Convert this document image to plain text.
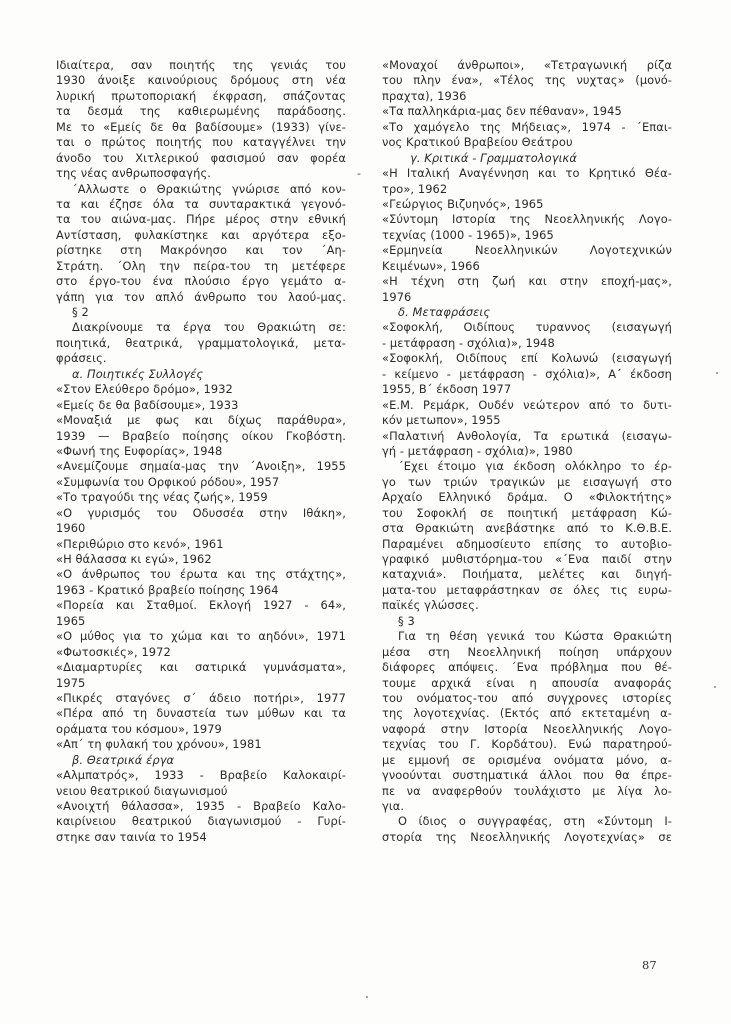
Ιδιαίτερα, σαν ποιητής της γενιάς του
1930 άνοιξε καινούριους δρόμους στη νέα
λυρική πρωτοποριακή έκφραση, σπάζοντας
τα δεσμά της καθιερωμένης παράδοσης.
Με το «Εμείς δε θα βαδίσουμε» (1933) γίνε-
ται ο πρώτος ποιητής που καταγγέλνει την
άνοδο του Χιτλερικού φασισμού σαν φορέα
της νέας ανθρωποσφαγής.
΄Αλλωστε ο Θρακιώτης γνώρισε από κον-
τα και έζησε όλα τα συνταρακτικά γεγονό-
τα του αιώνα-μας. Πήρε μέρος στην εθνική
Αντίσταση, φυλακίστηκε και αργότερα εξο-
ρίστηκε στη Μακρόνησο και τον ΄Αη-
Στράτη. ΄Ολη την πείρα-του τη μετέφερε
στο έργο-του ένα πλούσιο έργο γεμάτο α-
γάπη για τον απλό άνθρωπο του λαού-μας.
§ 2
Διακρίνουμε τα έργα του Θρακιώτη σε:
ποιητικά, θεατρικά, γραμματολογικά, μετα-
φράσεις.
α. Ποιητικές Συλλογές
«Στον Ελεύθερο δρόμο», 1932
«Εμείς δε θα βαδίσουμε», 1933
«Μοναξιά με φως και δίχως παράθυρα»,
1939 — Βραβείο ποίησης οίκου Γκοβόστη.
«Φωνή της Ευφορίας», 1948
«Ανεμίζουμε σημαία-μας την ΄Ανοιξη», 1955
«Συμφωνία του Ορφικού ρόδου», 1957
«Το τραγούδι της νέας ζωής», 1959
«Ο γυρισμός του Οδυσσέα στην Ιθάκη»,
1960
«Περιθώριο στο κενό», 1961
«Η θάλασσα κι εγώ», 1962
«Ο άνθρωπος του έρωτα και της στάχτης»,
1963 - Κρατικό βραβείο ποίησης 1964
«Πορεία και Σταθμοί. Εκλογή 1927 - 64»,
1965
«Ο μύθος για το χώμα και το αηδόνι», 1971
«Φωτοσκιές», 1972
«Διαμαρτυρίες και σατιρικά γυμνάσματα»,
1975
«Πικρές σταγόνες σ΄ άδειο ποτήρι», 1977
«Πέρα από τη δυναστεία των μύθων και τα
οράματα του κόσμου», 1979
«Απ΄ τη φυλακή του χρόνου», 1981
β. Θεατρικά έργα
«Αλμπατρός», 1933 - Βραβείο Καλοκαιρί-
νειου θεατρικού διαγωνισμού
«Ανοιχτή θάλασσα», 1935 - Βραβείο Καλο-
καιρίνειου θεατρικού διαγωνισμού - Γυρί-
στηκε σαν ταινία το 1954
«Μοναχοί άνθρωποι», «Τετραγωνική ρίζα
του πλην ένα», «Τέλος της νυχτας» (μονό-
πραχτα), 1936
«Τα παλληκάρια-μας δεν πέθαναν», 1945
«Το χαμόγελο της Μήδειας», 1974 - ΄Επαι-
νος Κρατικού Βραβείου Θεάτρου
γ. Κριτικά - Γραμματολογικά
«Η Ιταλική Αναγέννηση και το Κρητικό Θέα-
τρο», 1962
«Γεώργιος Βιζυηνός», 1965
«Σύντομη Ιστορία της Νεοελληνικής Λογο-
τεχνίας (1000 - 1965)», 1965
«Ερμηνεία Νεοελληνικών Λογοτεχνικών
Κειμένων», 1966
«Η τέχνη στη ζωή και στην εποχή-μας»,
1976
δ. Μεταφράσεις
«Σοφοκλή, Οιδίπους τυραννος (εισαγωγή
- μετάφραση - σχόλια)», 1948
«Σοφοκλή, Οιδίπους επί Κολωνώ (εισαγωγή
- κείμενο - μετάφραση - σχόλια)», Α΄ έκδοση
1955, Β΄ έκδοση 1977
«Ε.Μ. Ρεμάρκ, Ουδέν νεώτερον από το δυτι-
κόν μετωπον», 1955
«Παλατινή Ανθολογία, Τα ερωτικά (εισαγω-
γή - μετάφραση - σχόλια)», 1980
΄Εχει έτοιμο για έκδοση ολόκληρο το έρ-
γο των τριών τραγικών με εισαγωγή στο
Αρχαίο Ελληνικό δράμα. Ο «Φιλοκτήτης»
του Σοφοκλή σε ποιητική μετάφραση Κώ-
στα Θρακιώτη ανεβάστηκε από το Κ.Θ.Β.Ε.
Παραμένει αδημοσίευτο επίσης το αυτοβιο-
γραφικό μυθιστόρημα-του «΄Ενα παιδί στην
καταχνιά». Ποιήματα, μελέτες και διηγή-
ματα-του μεταφράστηκαν σε όλες τις ευρω-
παϊκές γλώσσες.
§ 3
Για τη θέση γενικά του Κώστα Θρακιώτη
μέσα στη Νεοελληνική ποίηση υπάρχουν
διάφορες απόψεις. ΄Ενα πρόβλημα που θέ-
τουμε αρχικά είναι η απουσία αναφοράς
του ονόματος-του από συγχρονες ιστορίες
της λογοτεχνίας. (Εκτός από εκτεταμένη α-
ναφορά στην Ιστορία Νεοελληνικής Λογο-
τεχνίας του Γ. Κορδάτου). Ενώ παρατηρού-
με εμμονή σε ορισμένα ονόματα μόνο, α-
γνοούνται συστηματικά άλλοι που θα έπρε-
πε να αναφερθούν τουλάχιστο με λίγα λο-
για.
Ο ίδιος ο συγγραφέας, στη «Σύντομη Ι-
στορία της Νεοελληνικής Λογοτεχνίας» σε
-
87
